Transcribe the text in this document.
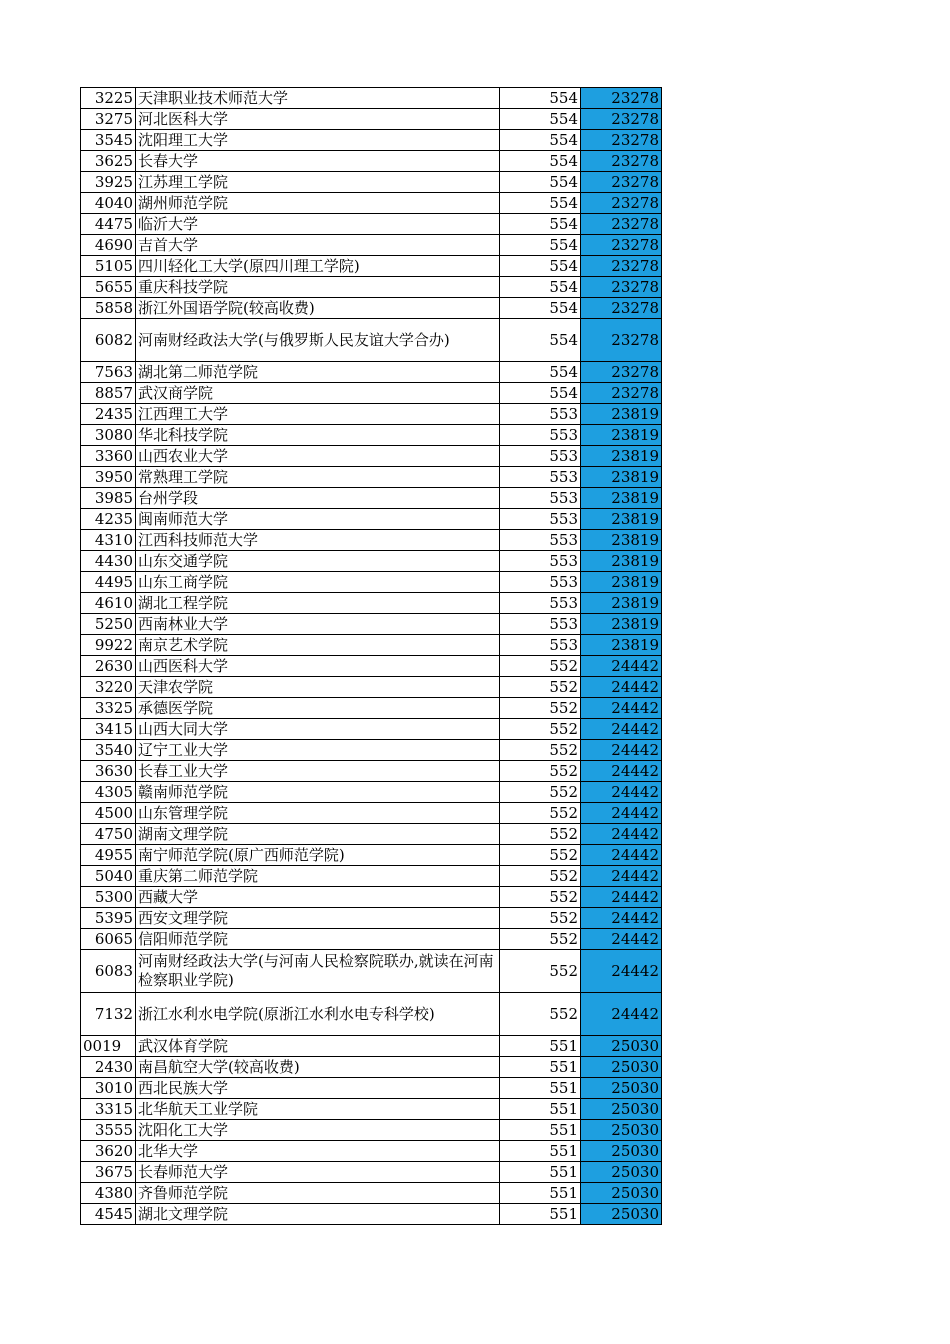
3225	天津职业技术师范大学	554	23278
3275	河北医科大学	554	23278
3545	沈阳理工大学	554	23278
3625	长春大学	554	23278
3925	江苏理工学院	554	23278
4040	湖州师范学院	554	23278
4475	临沂大学	554	23278
4690	吉首大学	554	23278
5105	四川轻化工大学(原四川理工学院)	554	23278
5655	重庆科技学院	554	23278
5858	浙江外国语学院(较高收费)	554	23278
6082	河南财经政法大学(与俄罗斯人民友谊大学合办)	554	23278
7563	湖北第二师范学院	554	23278
8857	武汉商学院	554	23278
2435	江西理工大学	553	23819
3080	华北科技学院	553	23819
3360	山西农业大学	553	23819
3950	常熟理工学院	553	23819
3985	台州学段	553	23819
4235	闽南师范大学	553	23819
4310	江西科技师范大学	553	23819
4430	山东交通学院	553	23819
4495	山东工商学院	553	23819
4610	湖北工程学院	553	23819
5250	西南林业大学	553	23819
9922	南京艺术学院	553	23819
2630	山西医科大学	552	24442
3220	天津农学院	552	24442
3325	承德医学院	552	24442
3415	山西大同大学	552	24442
3540	辽宁工业大学	552	24442
3630	长春工业大学	552	24442
4305	赣南师范学院	552	24442
4500	山东管理学院	552	24442
4750	湖南文理学院	552	24442
4955	南宁师范学院(原广西师范学院)	552	24442
5040	重庆第二师范学院	552	24442
5300	西藏大学	552	24442
5395	西安文理学院	552	24442
6065	信阳师范学院	552	24442
6083	河南财经政法大学(与河南人民检察院联办,就读在河南检察职业学院)	552	24442
7132	浙江水利水电学院(原浙江水利水电专科学校)	552	24442
0019	武汉体育学院	551	25030
2430	南昌航空大学(较高收费)	551	25030
3010	西北民族大学	551	25030
3315	北华航天工业学院	551	25030
3555	沈阳化工大学	551	25030
3620	北华大学	551	25030
3675	长春师范大学	551	25030
4380	齐鲁师范学院	551	25030
4545	湖北文理学院	551	25030
